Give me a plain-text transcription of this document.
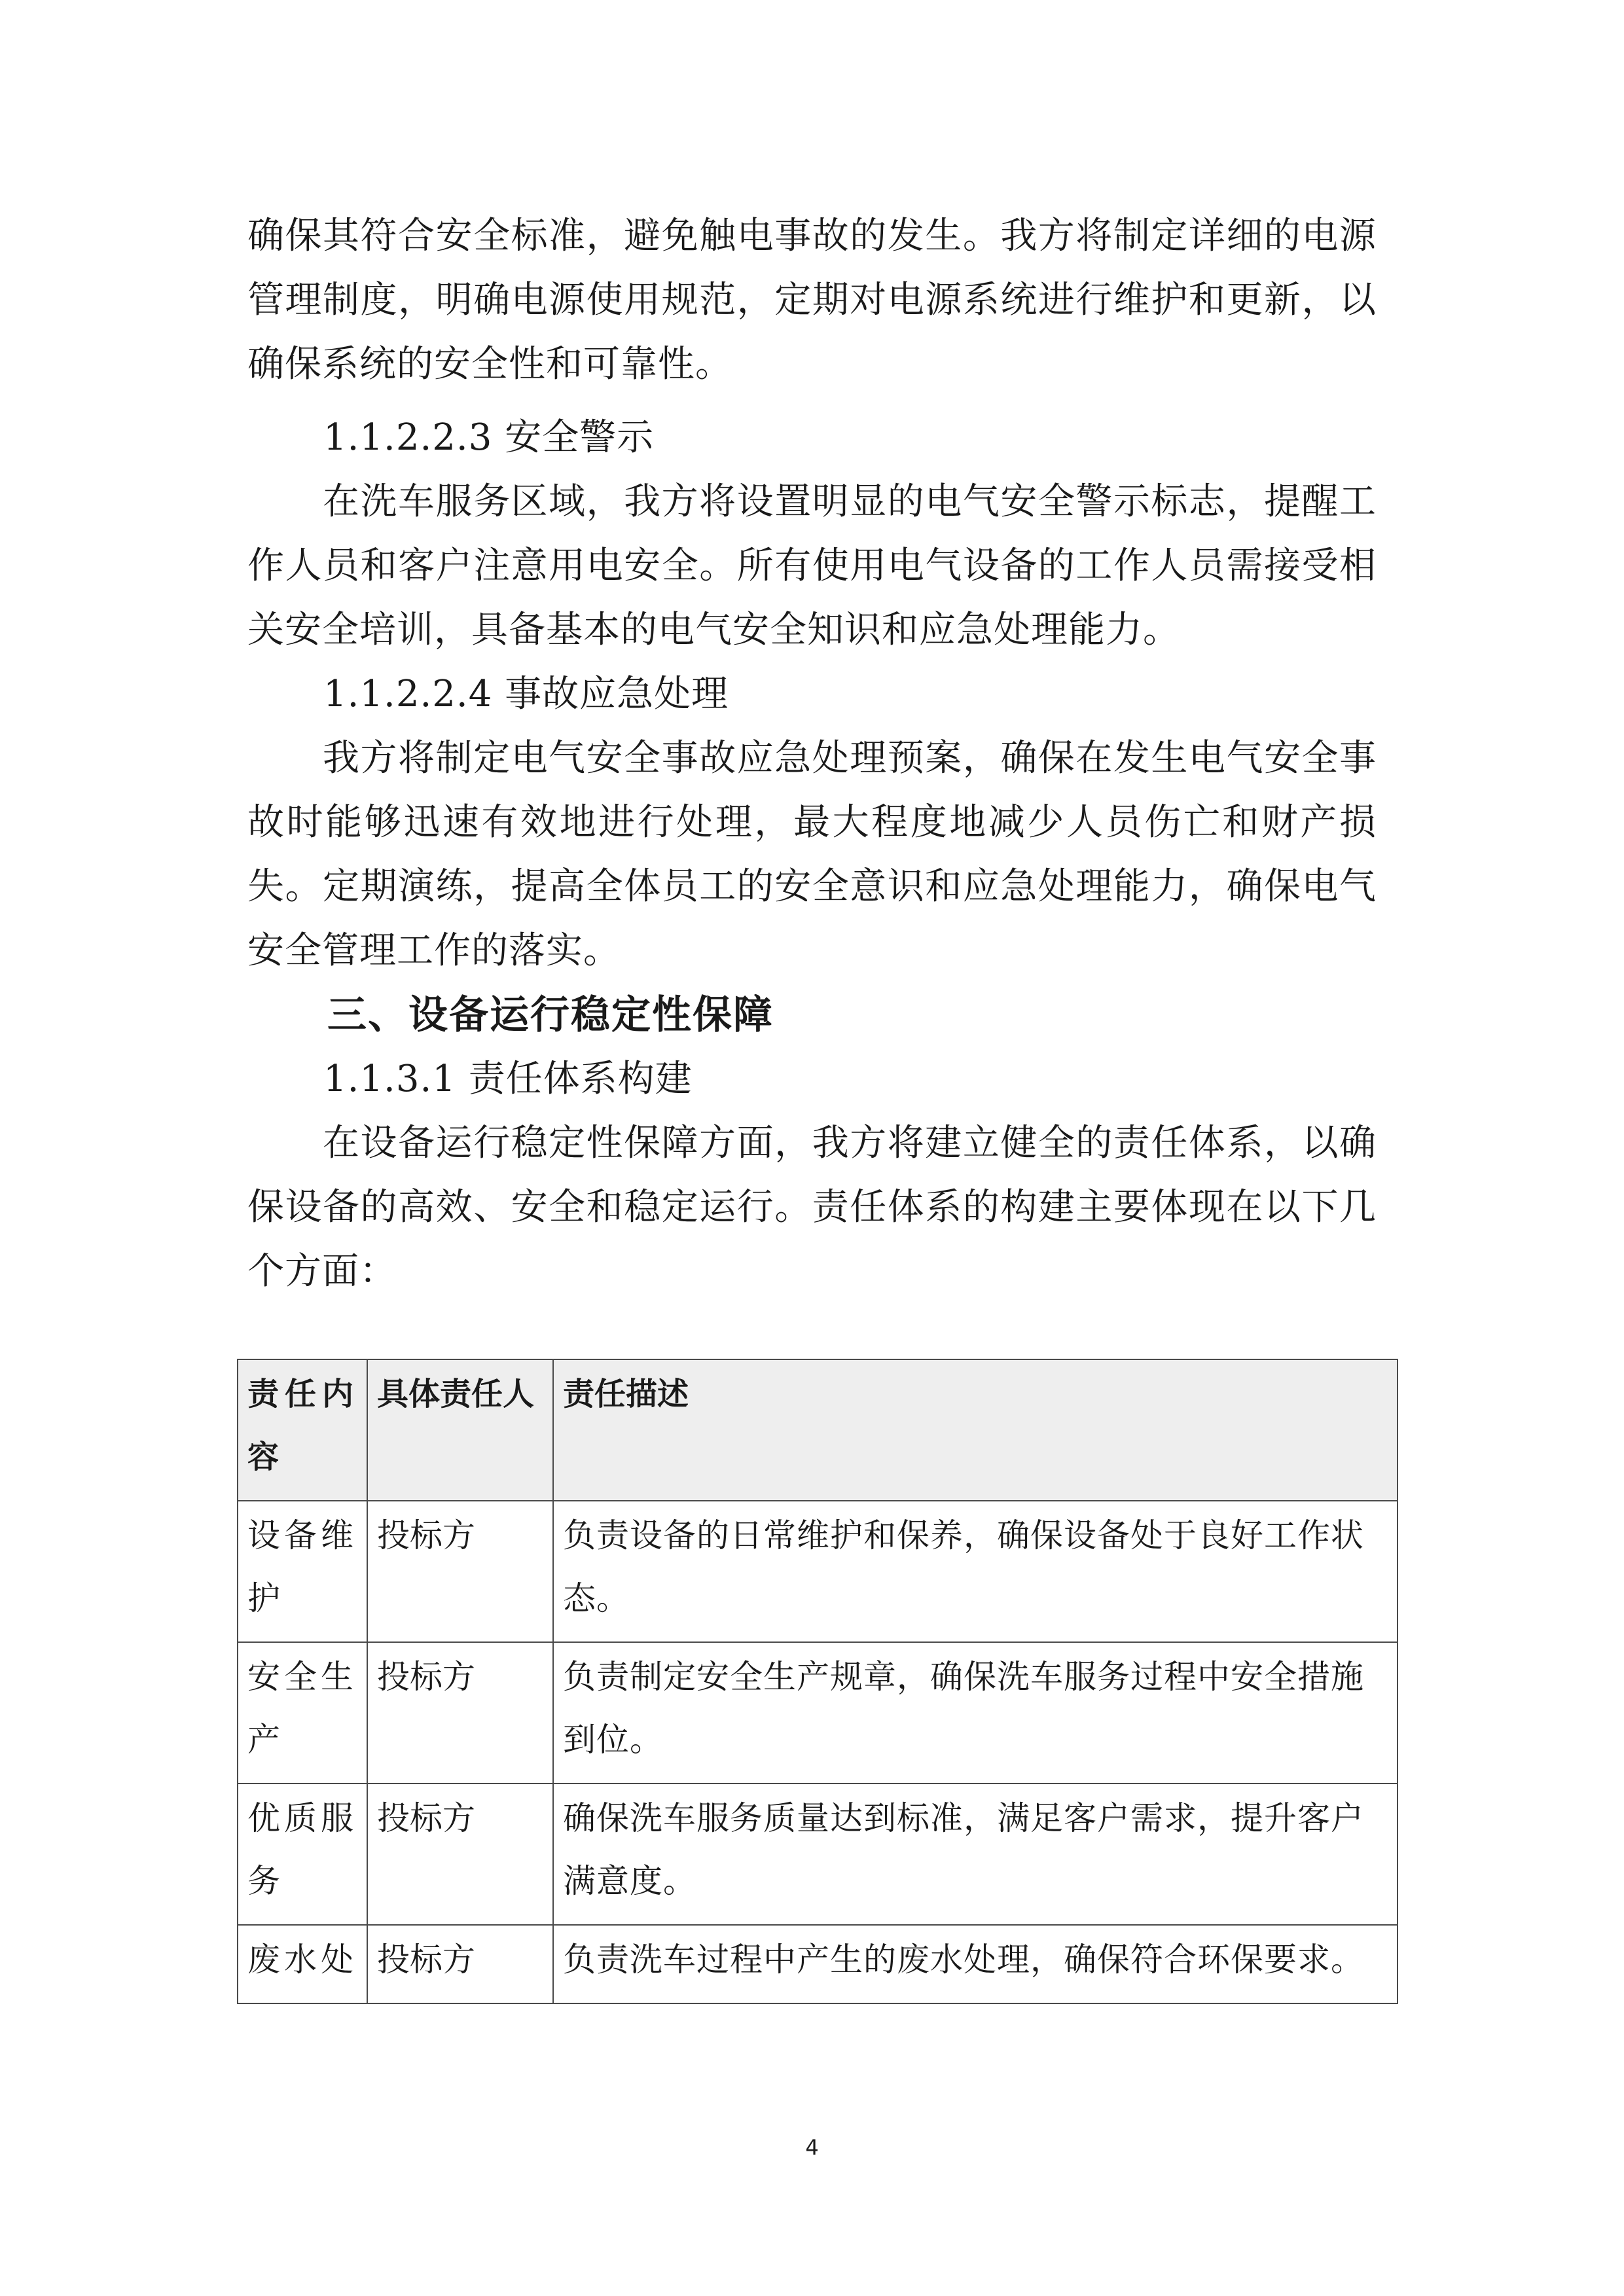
确保其符合安全标准，避免触电事故的发生。我方将制定详细的电源管理制度，明确电源使用规范，定期对电源系统进行维护和更新，以确保系统的安全性和可靠性。

1.1.2.2.3 安全警示

在洗车服务区域，我方将设置明显的电气安全警示标志，提醒工作人员和客户注意用电安全。所有使用电气设备的工作人员需接受相关安全培训，具备基本的电气安全知识和应急处理能力。

1.1.2.2.4 事故应急处理

我方将制定电气安全事故应急处理预案，确保在发生电气安全事故时能够迅速有效地进行处理，最大程度地减少人员伤亡和财产损失。定期演练，提高全体员工的安全意识和应急处理能力，确保电气安全管理工作的落实。

三、设备运行稳定性保障

1.1.3.1 责任体系构建

在设备运行稳定性保障方面，我方将建立健全的责任体系，以确保设备的高效、安全和稳定运行。责任体系的构建主要体现在以下几个方面：

责任内容	具体责任人	责任描述
设备维护	投标方	负责设备的日常维护和保养，确保设备处于良好工作状态。
安全生产	投标方	负责制定安全生产规章，确保洗车服务过程中安全措施到位。
优质服务	投标方	确保洗车服务质量达到标准，满足客户需求，提升客户满意度。
废水处	投标方	负责洗车过程中产生的废水处理，确保符合环保要求。
4
